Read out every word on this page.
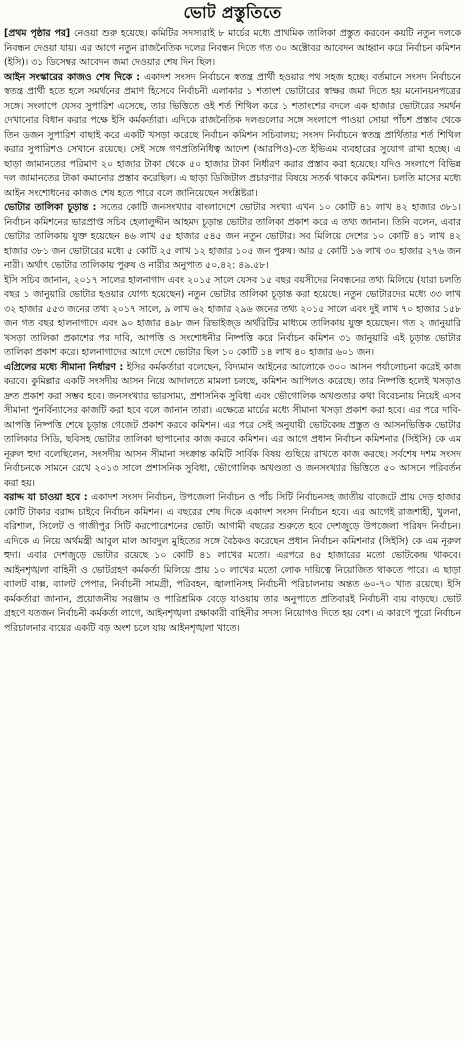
ভোট প্রস্তুতিতে

[প্রথম পৃষ্ঠার পর] নেওয়া শুরু হয়েছে। কমিটির সদস্যরাই ৮ মার্চের মধ্যে প্রাথমিক তালিকা প্রস্তুত করবেন কয়টি নতুন দলকে নিবন্ধন দেওয়া যায়। এর আগে নতুন রাজনৈতিক দলের নিবন্ধন দিতে গত ৩০ অক্টোবর আবেদন আহ্বান করে নির্বাচন কমিশন (ইসি)। ৩১ ডিসেম্বর আবেদন জমা দেওয়ার শেষ দিন ছিল।

আইন সংস্কারের কাজও শেষ দিকে : একাদশ সংসদ নির্বাচনে স্বতন্ত্র প্রার্থী হওয়ার পথ সহজ হচ্ছে। বর্তমানে সংসদ নির্বাচনে স্বতন্ত্র প্রার্থী হতে হলে সমর্থনের প্রমাণ হিসেবে নির্বাচনী এলাকার ১ শতাংশ ভোটারের স্বাক্ষর জমা দিতে হয় মনোনয়নপত্রের সঙ্গে। সংলাপে যেসব সুপারিশ এসেছে, তার ভিত্তিতে ওই শর্ত শিথিল করে ১ শতাংশের বদলে এক হাজার ভোটারের সমর্থন দেখানোর বিধান করার পক্ষে ইসি কর্মকর্তারা। এদিকে রাজনৈতিক দলগুলোর সঙ্গে সংলাপে পাওয়া সোয়া পাঁচশ প্রস্তাব থেকে তিন ডজন সুপারিশ বাছাই করে একটি খসড়া করেছে নির্বাচন কমিশন সচিবালয়; সংসদ নির্বাচনে স্বতন্ত্র প্রার্থিতার শর্ত শিথিল করার সুপারিশও সেখানে রয়েছে। সেই সঙ্গে গণপ্রতিনিধিত্ব আদেশ (আরপিও)-তে ইভিএম ব্যবহারের সুযোগ রাখা হচ্ছে। এ ছাড়া জামানতের পরিমাণ ২০ হাজার টাকা থেকে ৫০ হাজার টাকা নির্ধারণ করার প্রস্তাব করা হয়েছে। যদিও সংলাপে বিভিন্ন দল জামানতের টাকা কমানোর প্রস্তাব করেছিল। এ ছাড়া ডিজিটাল প্রচারণার বিষয়ে সতর্ক থাকবে কমিশন। চলতি মাসের মধ্যে আইন সংশোধনের কাজও শেষ হতে পারে বলে জানিয়েছেন সংশ্লিষ্টরা।

ভোটার তালিকা চূড়ান্ত : সতের কোটি জনসংখ্যার বাংলাদেশে ভোটার সংখ্যা এখন ১০ কোটি ৪১ লাখ ৪২ হাজার ৩৮১। নির্বাচন কমিশনের ভারপ্রাপ্ত সচিব হেলালুদ্দীন আহমদ চূড়ান্ত ভোটার তালিকা প্রকাশ করে এ তথ্য জানান। তিনি বলেন, এবার ভোটার তালিকায় যুক্ত হয়েছেন ৪৬ লাখ ৫৫ হাজার ৫৪৫ জন নতুন ভোটার। সব মিলিয়ে দেশের ১০ কোটি ৪১ লাখ ৪২ হাজার ৩৮১ জন ভোটারের মধ্যে ৫ কোটি ২৫ লাখ ১২ হাজার ১০৫ জন পুরুষ। আর ৫ কোটি ১৬ লাখ ৩০ হাজার ২৭৬ জন নারী। অর্থাৎ ভোটার তালিকায় পুরুষ ও নারীর অনুপাত ৫০.৪২: ৪৯.৫৮।

ইসি সচিব জানান, ২০১৭ সালের হালনাগাদ এবং ২০১৫ সালে যেসব ১৫ বছর বয়সীদের নিবন্ধনের তথ্য মিলিয়ে (যারা চলতি বছর ১ জানুয়ারি ভোটার হওয়ার যোগ্য হয়েছেন) নতুন ভোটার তালিকা চূড়ান্ত করা হয়েছে। নতুন ভোটারদের মধ্যে ৩৩ লাখ ৩২ হাজার ৫৫৩ জনের তথ্য ২০১৭ সালে, ৯ লাখ ৬২ হাজার ২৯৬ জনের তথ্য ২০১৫ সালে এবং দুই লাখ ৭০ হাজার ১৫৮ জন গত বছর হালনাগাদে এবং ৯০ হাজার ৪৯৮ জন রিভাইজ্ড অর্থরিটির মাধ্যমে তালিকায় যুক্ত হয়েছেন। গত ২ জানুয়ারি খসড়া তালিকা প্রকাশের পর দাবি, আপত্তি ও সংশোধনীর নিষ্পত্তি করে নির্বাচন কমিশন ৩১ জানুয়ারি এই চূড়ান্ত ভোটার তালিকা প্রকাশ করে। হালনাগাদের আগে দেশে ভোটার ছিল ১০ কোটি ১৪ লাখ ৪০ হাজার ৬০১ জন।

এপ্রিলের মধ্যে সীমানা নির্ধারণ : ইসির কর্মকর্তারা বলেছেন, বিদ্যমান আইনের আলোকে ৩০০ আসন পর্যালোচনা করেই কাজ করবে। কুমিল্লার একটি সংসদীয় আসন নিয়ে আদালতে মামলা চলছে, কমিশন আপিলও করেছে। তার নিষ্পত্তি হলেই খসড়াও দ্রুত প্রকাশ করা সম্ভব হবে। জনসংখ্যার ভারসাম্য, প্রশাসনিক সুবিধা এবং ভৌগোলিক অখণ্ডতার কথা বিবেচনায় নিয়েই এসব সীমানা পুনর্বিন্যাসের কাজটি করা হবে বলে জানান তারা। এক্ষেত্রে মার্চের মধ্যে সীমানা খসড়া প্রকাশ করা হবে। এর পরে দাবি-আপত্তি নিষ্পত্তি শেষে চূড়ান্ত গেজেট প্রকাশ করবে কমিশন। এর পরে সেই অনুযায়ী ভোটকেন্দ্র প্রস্তুত ও আসনভিত্তিক ভোটার তালিকার সিডি, ছবিসহ ভোটার তালিকা ছাপানোর কাজ করবে কমিশন। এর আগে প্রধান নির্বাচন কমিশনার (সিইসি) কে এম নূরুল হুদা বলেছিলেন, সংসদীয় আসন সীমানা সংক্রান্ত কমিটি সার্বিক বিষয় গুছিয়ে রাখতে কাজ করছে। সর্বশেষ দশম সংসদ নির্বাচনকে সামনে রেখে ২০১৩ সালে প্রশাসনিক সুবিধা, ভৌগোলিক অখণ্ডতা ও জনসংখ্যার ভিত্তিতে ৫০ আসনে পরিবর্তন করা হয়।

বরাদ্দ যা চাওয়া হবে : একাদশ সংসদ নির্বাচন, উপজেলা নির্বাচন ও পাঁচ সিটি নির্বাচনসহ জাতীয় বাজেটে প্রায় দেড় হাজার কোটি টাকার বরাদ্দ চাইবে নির্বাচন কমিশন। এ বছরের শেষ দিকে একাদশ সংসদ নির্বাচন হবে। এর আগেই রাজশাহী, খুলনা, বরিশাল, সিলেট ও গাজীপুর সিটি করপোরেশনের ভোট। আগামী বছরের শুরুতে হবে দেশজুড়ে উপজেলা পরিষদ নির্বাচন। এদিকে এ নিয়ে অর্থমন্ত্রী আবুল মাল আবদুল মুহিতের সঙ্গে বৈঠকও করেছেন প্রধান নির্বাচন কমিশনার (সিইসি) কে এম নূরুল হুদা। এবার দেশজুড়ে ভোটার রয়েছে ১০ কোটি ৪১ লাখের মতো। এরপরে ৪৫ হাজারের মতো ভোটকেন্দ্র থাকবে। আইনশৃঙ্খলা বাহিনী ও ভোটগ্রহণ কর্মকর্তা মিলিয়ে প্রায় ১০ লাখের মতো লোক দায়িত্বে নিয়োজিত থাকতে পারে। এ ছাড়া ব্যালট বাক্স, ব্যালট পেপার, নির্বাচনী সামগ্রী, পরিবহন, জ্বালানিসহ নির্বাচনী পরিচালনায় অন্তত ৬০-৭০ খাত রয়েছে। ইসি কর্মকর্তারা জানান, প্রয়োজনীয় সরঞ্জাম ও পারিশ্রমিক বেড়ে যাওয়ায় তার অনুপাতে প্রতিবারই নির্বাচনী ব্যয় বাড়ছে। ভোট গ্রহণে যতজন নির্বাচনী কর্মকর্তা লাগে, আইনশৃঙ্খলা রক্ষাকারী বাহিনীর সদস্য নিয়োগও দিতে হয় বেশ। এ কারণে পুরো নির্বাচন পরিচালনার ব্যয়ের একটি বড় অংশ চলে যায় আইনশৃঙ্খলা খাতে।
